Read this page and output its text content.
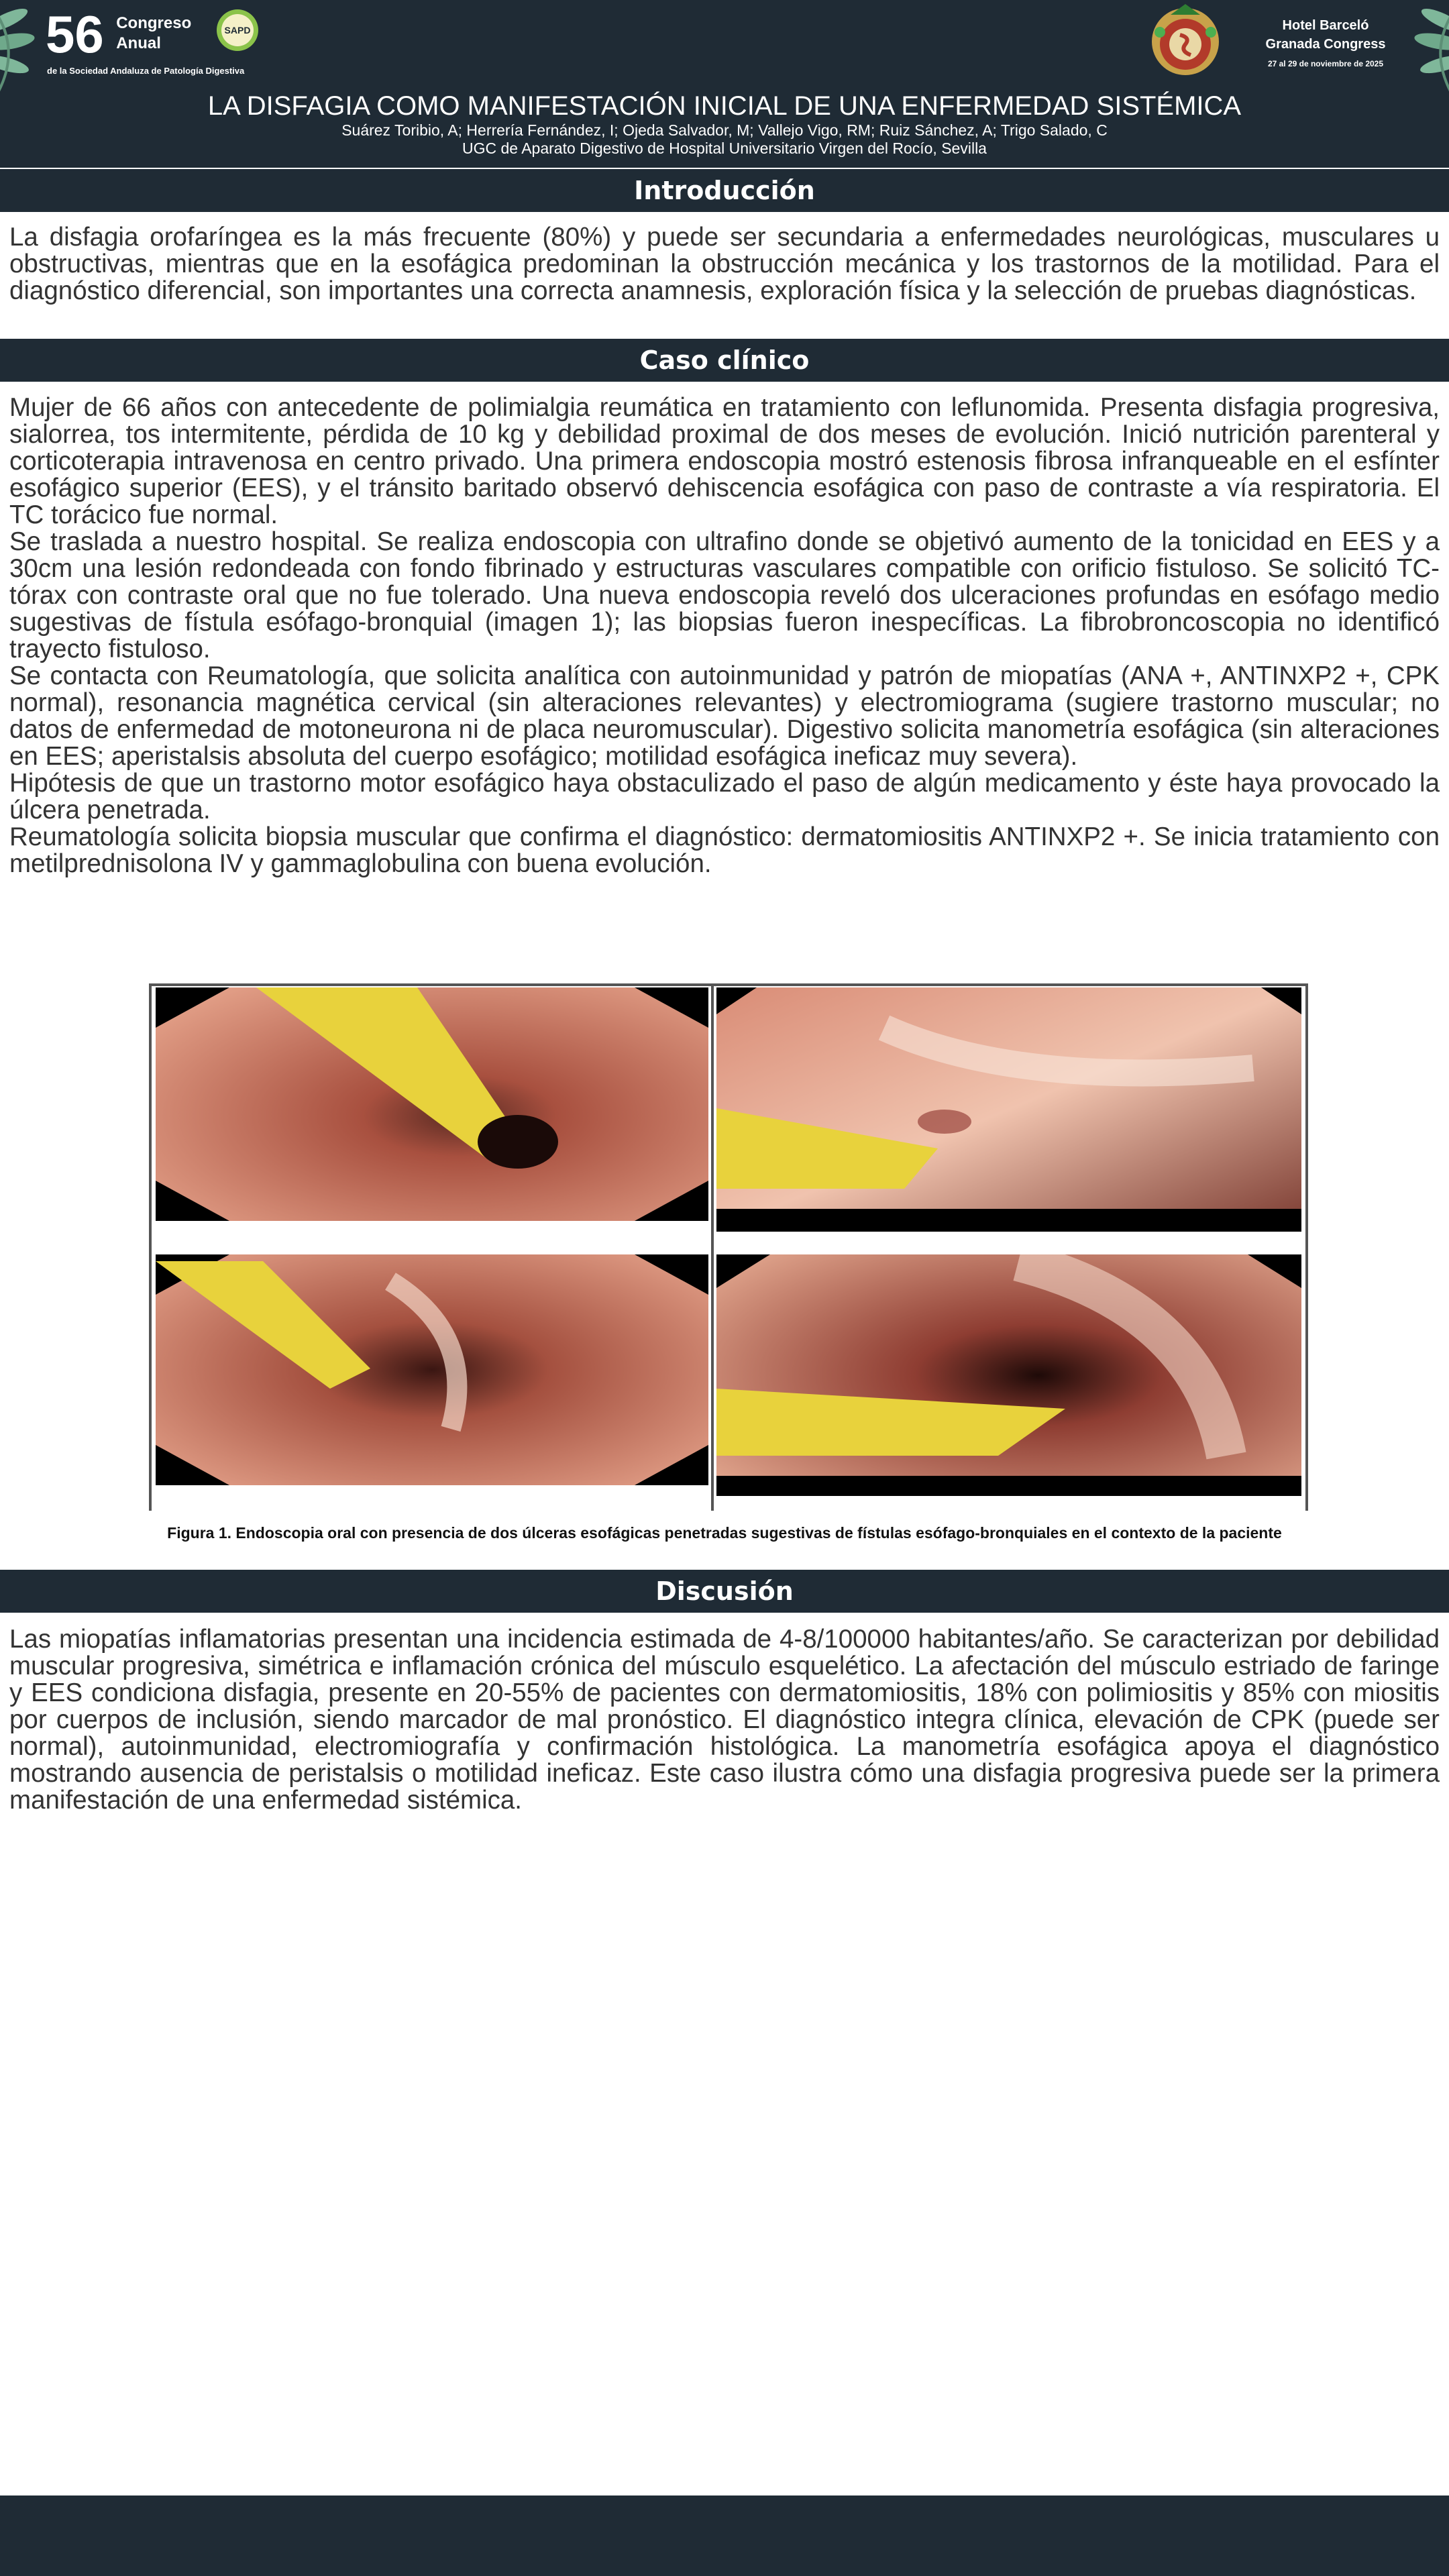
56 Congreso
Anual
de la Sociedad Andaluza de Patología Digestiva
SAPD	Hotel Barceló
Granada Congress
27 al 29 de noviembre de 2025
LA DISFAGIA COMO MANIFESTACIÓN INICIAL DE UNA ENFERMEDAD SISTÉMICA
Suárez Toribio, A; Herrería Fernández, I; Ojeda Salvador, M; Vallejo Vigo, RM; Ruiz Sánchez, A; Trigo Salado, C
UGC de Aparato Digestivo de Hospital Universitario Virgen del Rocío, Sevilla
Introducción

La disfagia orofaríngea es la más frecuente (80%) y puede ser secundaria a enfermedades neurológicas, musculares u obstructivas, mientras que en la esofágica predominan la obstrucción mecánica y los trastornos de la motilidad. Para el diagnóstico diferencial, son importantes una correcta anamnesis, exploración física y la selección de pruebas diagnósticas.

Caso clínico

Mujer de 66 años con antecedente de polimialgia reumática en tratamiento con leflunomida. Presenta disfagia progresiva, sialorrea, tos intermitente, pérdida de 10 kg y debilidad proximal de dos meses de evolución. Inició nutrición parenteral y corticoterapia intravenosa en centro privado. Una primera endoscopia mostró estenosis fibrosa infranqueable en el esfínter esofágico superior (EES), y el tránsito baritado observó dehiscencia esofágica con paso de contraste a vía respiratoria. El TC torácico fue normal.

Se traslada a nuestro hospital. Se realiza endoscopia con ultrafino donde se objetivó aumento de la tonicidad en EES y a 30cm una lesión redondeada con fondo fibrinado y estructuras vasculares compatible con orificio fistuloso. Se solicitó TC-tórax con contraste oral que no fue tolerado. Una nueva endoscopia reveló dos ulceraciones profundas en esófago medio sugestivas de fístula esófago-bronquial (imagen 1); las biopsias fueron inespecíficas. La fibrobroncoscopia no identificó trayecto fistuloso.

Se contacta con Reumatología, que solicita analítica con autoinmunidad y patrón de miopatías (ANA +, ANTINXP2 +, CPK normal), resonancia magnética cervical (sin alteraciones relevantes) y electromiograma (sugiere trastorno muscular; no datos de enfermedad de motoneurona ni de placa neuromuscular). Digestivo solicita manometría esofágica (sin alteraciones en EES; aperistalsis absoluta del cuerpo esofágico; motilidad esofágica ineficaz muy severa).

Hipótesis de que un trastorno motor esofágico haya obstaculizado el paso de algún medicamento y éste haya provocado la úlcera penetrada.

Reumatología solicita biopsia muscular que confirma el diagnóstico: dermatomiositis ANTINXP2 +. Se inicia tratamiento con metilprednisolona IV y gammaglobulina con buena evolución.

Figura 1. Endoscopia oral con presencia de dos úlceras esofágicas penetradas sugestivas de fístulas esófago-bronquiales en el contexto de la paciente
Discusión

Las miopatías inflamatorias presentan una incidencia estimada de 4-8/100000 habitantes/año. Se caracterizan por debilidad muscular progresiva, simétrica e inflamación crónica del músculo esquelético. La afectación del músculo estriado de faringe y EES condiciona disfagia, presente en 20-55% de pacientes con dermatomiositis, 18% con polimiositis y 85% con miositis por cuerpos de inclusión, siendo marcador de mal pronóstico. El diagnóstico integra clínica, elevación de CPK (puede ser normal), autoinmunidad, electromiografía y confirmación histológica. La manometría esofágica apoya el diagnóstico mostrando ausencia de peristalsis o motilidad ineficaz. Este caso ilustra cómo una disfagia progresiva puede ser la primera manifestación de una enfermedad sistémica.
